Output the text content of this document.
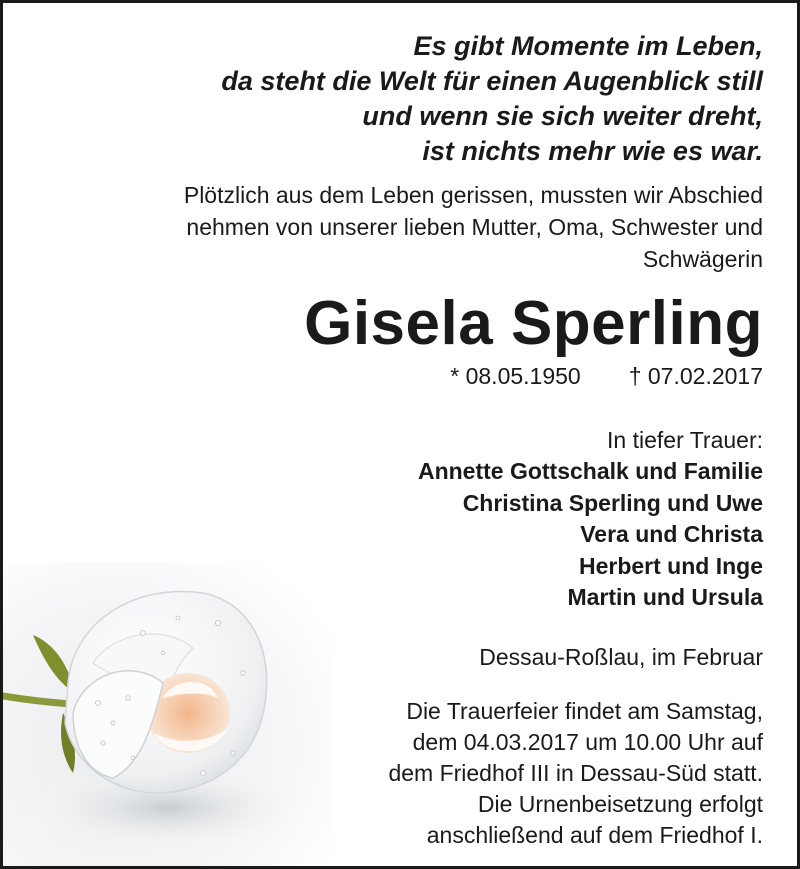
Es gibt Momente im Leben,
da steht die Welt für einen Augenblick still
und wenn sie sich weiter dreht,
ist nichts mehr wie es war.
Plötzlich aus dem Leben gerissen, mussten wir Abschied
nehmen von unserer lieben Mutter, Oma, Schwester und
Schwägerin
Gisela Sperling
* 08.05.1950 † 07.02.2017
In tiefer Trauer:
Annette Gottschalk und Familie
Christina Sperling und Uwe
Vera und Christa
Herbert und Inge
Martin und Ursula
Dessau-Roßlau, im Februar
Die Trauerfeier findet am Samstag,
dem 04.03.2017 um 10.00 Uhr auf
dem Friedhof III in Dessau-Süd statt.
Die Urnenbeisetzung erfolgt
anschließend auf dem Friedhof I.
